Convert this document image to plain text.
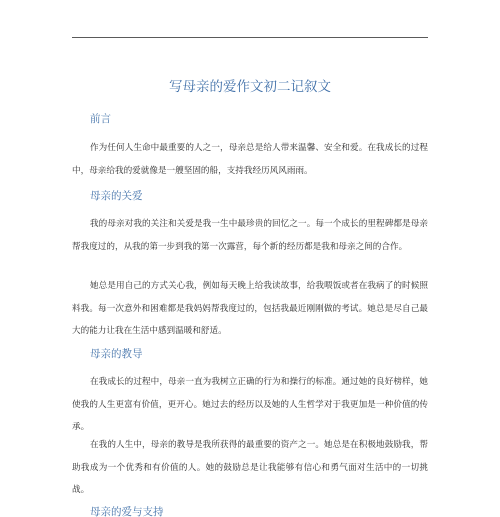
写母亲的爱作文初二记叙文
前言

作为任何人生命中最重要的人之一，母亲总是给人带来温馨、安全和爱。在我成长的过程中，母亲给我的爱就像是一艘坚固的船，支持我经历风风雨雨。

母亲的关爱

我的母亲对我的关注和关爱是我一生中最珍贵的回忆之一。每一个成长的里程碑都是母亲帮我度过的，从我的第一步到我的第一次露营，每个新的经历都是我和母亲之间的合作。

她总是用自己的方式关心我，例如每天晚上给我读故事，给我喂饭或者在我病了的时候照料我。每一次意外和困难都是我妈妈帮我度过的，包括我最近刚刚做的考试。她总是尽自己最大的能力让我在生活中感到温暖和舒适。

母亲的教导

在我成长的过程中，母亲一直为我树立正确的行为和操行的标准。通过她的良好榜样，她使我的人生更富有价值，更开心。她过去的经历以及她的人生哲学对于我更加是一种价值的传承。

在我的人生中，母亲的教导是我所获得的最重要的资产之一。她总是在积极地鼓励我，帮助我成为一个优秀和有价值的人。她的鼓励总是让我能够有信心和勇气面对生活中的一切挑战。

母亲的爱与支持
